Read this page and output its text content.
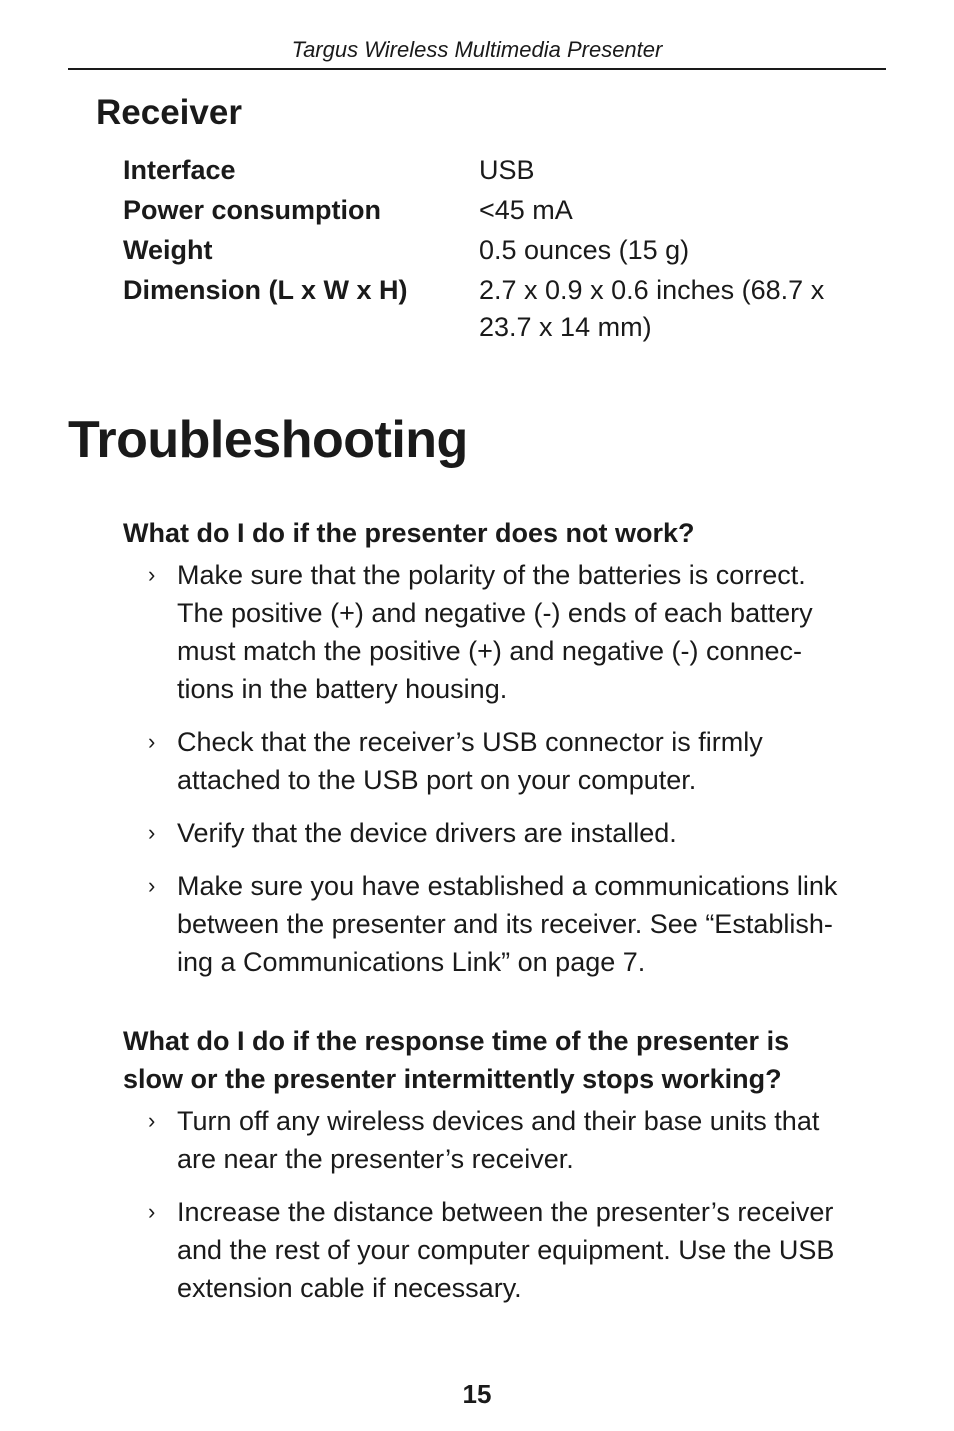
Targus Wireless Multimedia Presenter
Receiver
Interface	USB
Power consumption	<45 mA
Weight	0.5 ounces (15 g)
Dimension (L x W x H)	2.7 x 0.9 x 0.6 inches (68.7 x
23.7 x 14 mm)
Troubleshooting

What do I do if the presenter does not work?

› Make sure that the polarity of the batteries is correct.
The positive (+) and negative (-) ends of each battery
must match the positive (+) and negative (-) connec-
tions in the battery housing.
› Check that the receiver’s USB connector is firmly
attached to the USB port on your computer.
› Verify that the device drivers are installed.
› Make sure you have established a communications link
between the presenter and its receiver. See “Establish-
ing a Communications Link” on page 7.

What do I do if the response time of the presenter is
slow or the presenter intermittently stops working?

› Turn off any wireless devices and their base units that
are near the presenter’s receiver.
› Increase the distance between the presenter’s receiver
and the rest of your computer equipment. Use the USB
extension cable if necessary.
15
